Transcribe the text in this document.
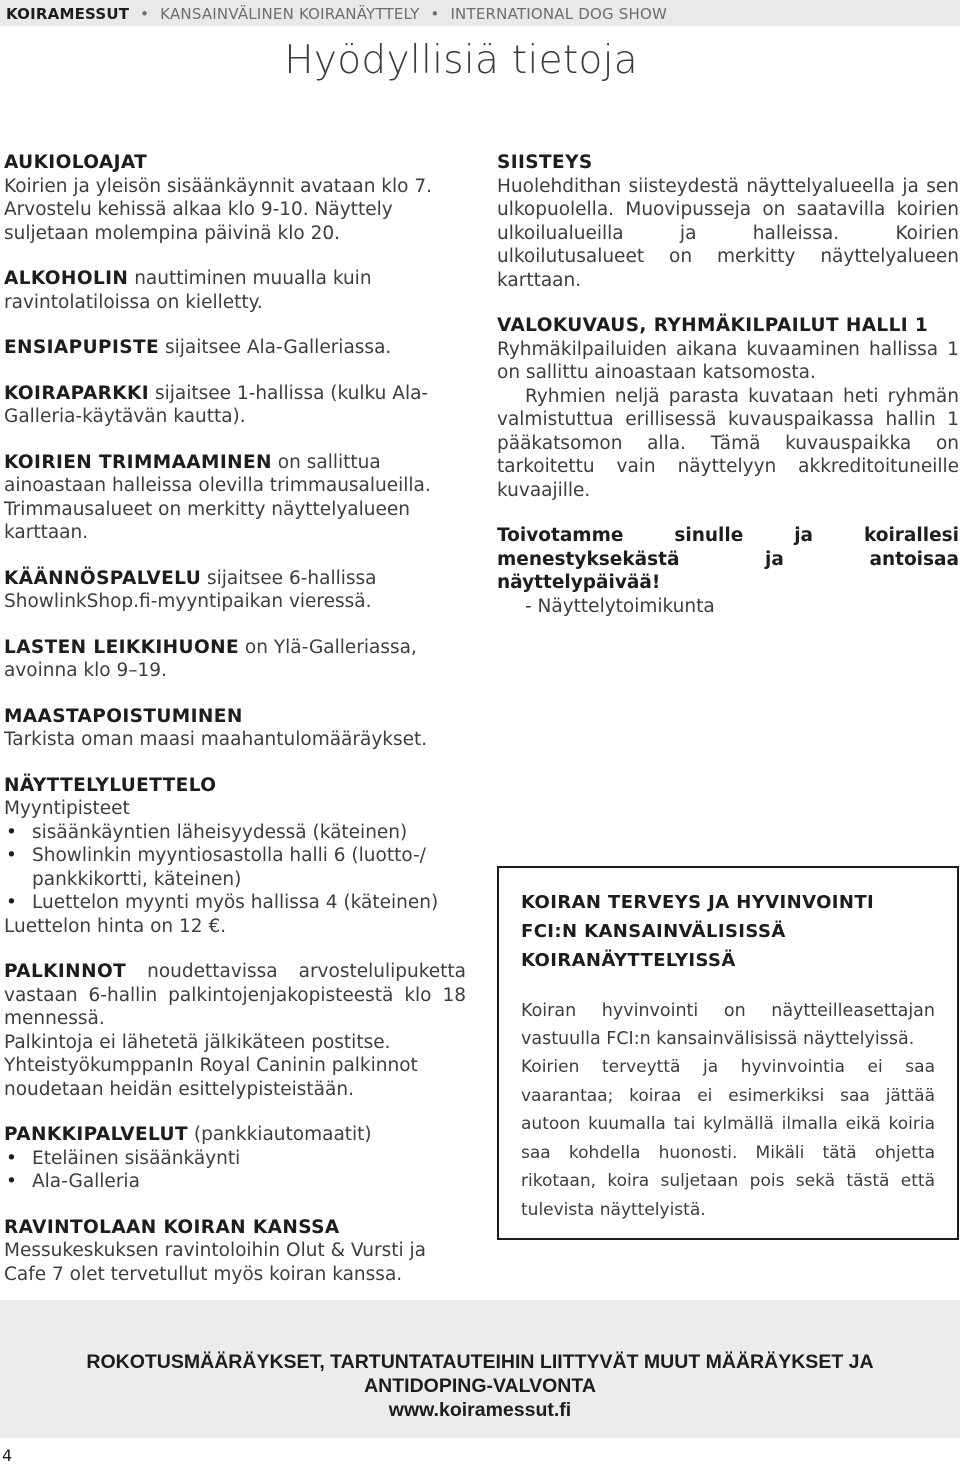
KOIRAMESSUT • KANSAINVÄLINEN KOIRANÄYTTELY • INTERNATIONAL DOG SHOW
Hyödyllisiä tietoja
AUKIOLOAJAT
Koirien ja yleisön sisäänkäynnit avataan klo 7. Arvostelu kehissä alkaa klo 9-10. Näyttely suljetaan molempina päivinä klo 20.
ALKOHOLIN nauttiminen muualla kuin ravintolatiloissa on kielletty.
ENSIAPUPISTE sijaitsee Ala-Galleriassa.
KOIRAPARKKI sijaitsee 1-hallissa (kulku Ala-Galleria-käytävän kautta).
KOIRIEN TRIMMAAMINEN on sallittua ainoastaan halleissa olevilla trimmausalueilla. Trimmausalueet on merkitty näyttelyalueen karttaan.
KÄÄNNÖSPALVELU sijaitsee 6-hallissa ShowlinkShop.fi-myyntipaikan vieressä.
LASTEN LEIKKIHUONE on Ylä-Galleriassa, avoinna klo 9–19.
MAASTAPOISTUMINEN
Tarkista oman maasi maahantulomääräykset.
NÄYTTELYLUETTELO
Myyntipisteet
• sisäänkäyntien läheisyydessä (käteinen)
• Showlinkin myyntiosastolla halli 6 (luotto-/ pankkikortti, käteinen)
• Luettelon myynti myös hallissa 4 (käteinen)
Luettelon hinta on 12 €.
PALKINNOT noudettavissa arvostelulipuketta vastaan 6-hallin palkintojenjakopisteestä klo 18 mennessä.
Palkintoja ei lähetetä jälkikäteen postitse.
YhteistyökumppanIn Royal Caninin palkinnot noudetaan heidän esittelypisteistään.
PANKKIPALVELUT (pankkiautomaatit)
• Eteläinen sisäänkäynti
• Ala-Galleria
RAVINTOLAAN KOIRAN KANSSA
Messukeskuksen ravintoloihin Olut & Vursti ja Cafe 7 olet tervetullut myös koiran kanssa.
SIISTEYS
Huolehdithan siisteydestä näyttelyalueella ja sen ulkopuolella. Muovipusseja on saatavilla koirien ulkoilualueilla ja halleissa. Koirien ulkoilutusalueet on merkitty näyttelyalueen karttaan.
VALOKUVAUS, RYHMÄKILPAILUT HALLI 1
Ryhmäkilpailuiden aikana kuvaaminen hallissa 1 on sallittu ainoastaan katsomosta.
Ryhmien neljä parasta kuvataan heti ryhmän valmistuttua erillisessä kuvauspaikassa hallin 1 pääkatsomon alla. Tämä kuvauspaikka on tarkoitettu vain näyttelyyn akkreditoituneille kuvaajille.
Toivotamme sinulle ja koirallesi menestyksekästä ja antoisaa näyttelypäivää!
- Näyttelytoimikunta
KOIRAN TERVEYS JA HYVINVOINTI
FCI:N KANSAINVÄLISISSÄ
KOIRANÄYTTELYISSÄ
Koiran hyvinvointi on näytteilleasettajan vastuulla FCI:n kansainvälisissä näyttelyissä.
Koirien terveyttä ja hyvinvointia ei saa vaarantaa; koiraa ei esimerkiksi saa jättää autoon kuumalla tai kylmällä ilmalla eikä koiria saa kohdella huonosti. Mikäli tätä ohjetta rikotaan, koira suljetaan pois sekä tästä että tulevista näyttelyistä.
ROKOTUSMÄÄRÄYKSET, TARTUNTATAUTEIHIN LIITTYVÄT MUUT MÄÄRÄYKSET JA
ANTIDOPING-VALVONTA
www.koiramessut.fi
4
